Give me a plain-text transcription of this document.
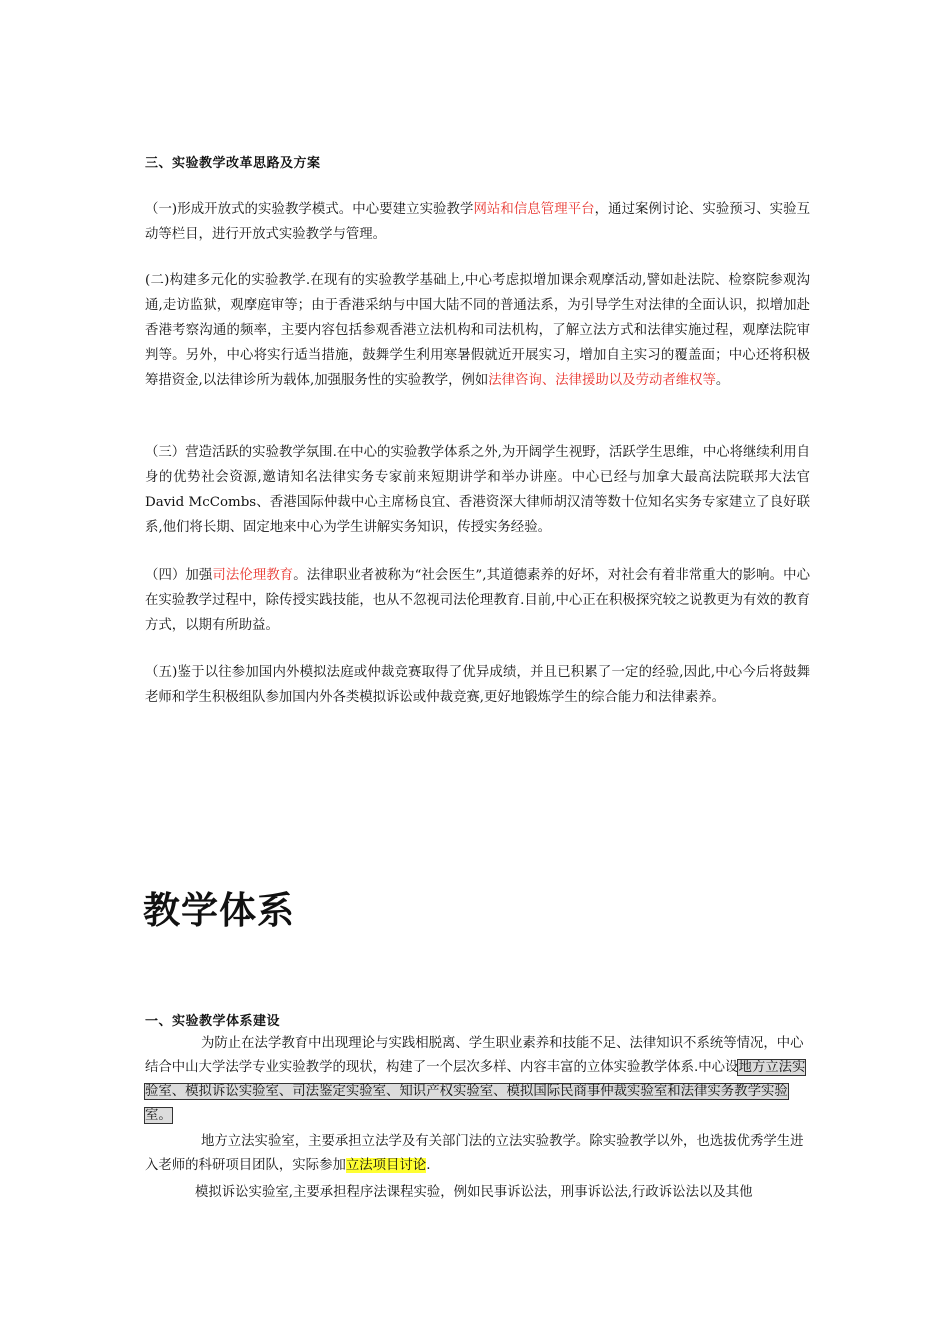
三、实验教学改革思路及方案
（一)形成开放式的实验教学模式。中心要建立实验教学网站和信息管理平台，通过案例讨论、实验预习、实验互动等栏目，进行开放式实验教学与管理。
(二)构建多元化的实验教学.在现有的实验教学基础上,中心考虑拟增加课余观摩活动,譬如赴法院、检察院参观沟通,走访监狱，观摩庭审等；由于香港采纳与中国大陆不同的普通法系，为引导学生对法律的全面认识，拟增加赴香港考察沟通的频率，主要内容包括参观香港立法机构和司法机构，了解立法方式和法律实施过程，观摩法院审判等。另外，中心将实行适当措施，鼓舞学生利用寒暑假就近开展实习，增加自主实习的覆盖面；中心还将积极筹措资金,以法律诊所为载体,加强服务性的实验教学，例如法律咨询、法律援助以及劳动者维权等。
（三）营造活跃的实验教学氛围.在中心的实验教学体系之外,为开阔学生视野，活跃学生思维，中心将继续利用自身的优势社会资源,邀请知名法律实务专家前来短期讲学和举办讲座。中心已经与加拿大最高法院联邦大法官David McCombs、香港国际仲裁中心主席杨良宜、香港资深大律师胡汉清等数十位知名实务专家建立了良好联系,他们将长期、固定地来中心为学生讲解实务知识，传授实务经验。
（四）加强司法伦理教育。法律职业者被称为“社会医生”,其道德素养的好坏，对社会有着非常重大的影响。中心在实验教学过程中，除传授实践技能，也从不忽视司法伦理教育.目前,中心正在积极探究较之说教更为有效的教育方式，以期有所助益。
（五)鉴于以往参加国内外模拟法庭或仲裁竞赛取得了优异成绩，并且已积累了一定的经验,因此,中心今后将鼓舞老师和学生积极组队参加国内外各类模拟诉讼或仲裁竞赛,更好地锻炼学生的综合能力和法律素养。
教学体系
一、实验教学体系建设
为防止在法学教育中出现理论与实践相脱离、学生职业素养和技能不足、法律知识不系统等情况，中心结合中山大学法学专业实验教学的现状，构建了一个层次多样、内容丰富的立体实验教学体系.中心设地方立法实验室、模拟诉讼实验室、司法鉴定实验室、知识产权实验室、模拟国际民商事仲裁实验室和法律实务教学实验室。
地方立法实验室，主要承担立法学及有关部门法的立法实验教学。除实验教学以外，也选拔优秀学生进入老师的科研项目团队，实际参加立法项目讨论.
模拟诉讼实验室,主要承担程序法课程实验，例如民事诉讼法，刑事诉讼法,行政诉讼法以及其他
